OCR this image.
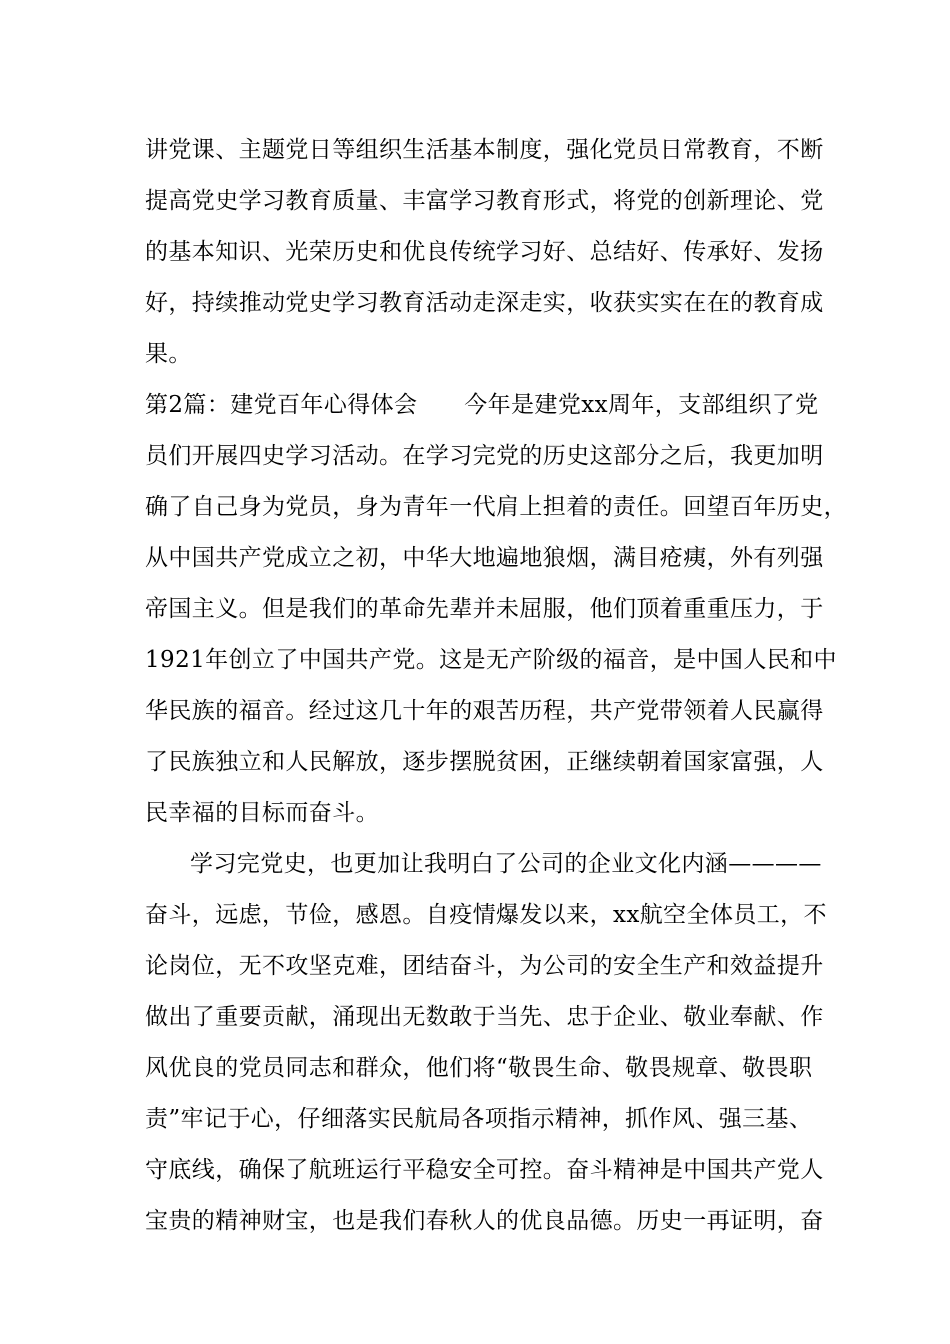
讲党课、主题党日等组织生活基本制度，强化党员日常教育，不断
提高党史学习教育质量、丰富学习教育形式，将党的创新理论、党
的基本知识、光荣历史和优良传统学习好、总结好、传承好、发扬
好，持续推动党史学习教育活动走深走实，收获实实在在的教育成
果。
第2篇：建党百年心得体会　　今年是建党xx周年，支部组织了党
员们开展四史学习活动。在学习完党的历史这部分之后，我更加明
确了自己身为党员，身为青年一代肩上担着的责任。回望百年历史，
从中国共产党成立之初，中华大地遍地狼烟，满目疮痍，外有列强
帝国主义。但是我们的革命先辈并未屈服，他们顶着重重压力，于
1921年创立了中国共产党。这是无产阶级的福音，是中国人民和中
华民族的福音。经过这几十年的艰苦历程，共产党带领着人民赢得
了民族独立和人民解放，逐步摆脱贫困，正继续朝着国家富强，人
民幸福的目标而奋斗。
学习完党史，也更加让我明白了公司的企业文化内涵————
奋斗，远虑，节俭，感恩。自疫情爆发以来，xx航空全体员工，不
论岗位，无不攻坚克难，团结奋斗，为公司的安全生产和效益提升
做出了重要贡献，涌现出无数敢于当先、忠于企业、敬业奉献、作
风优良的党员同志和群众，他们将“敬畏生命、敬畏规章、敬畏职
责”牢记于心，仔细落实民航局各项指示精神，抓作风、强三基、
守底线，确保了航班运行平稳安全可控。奋斗精神是中国共产党人
宝贵的精神财宝，也是我们春秋人的优良品德。历史一再证明，奋
